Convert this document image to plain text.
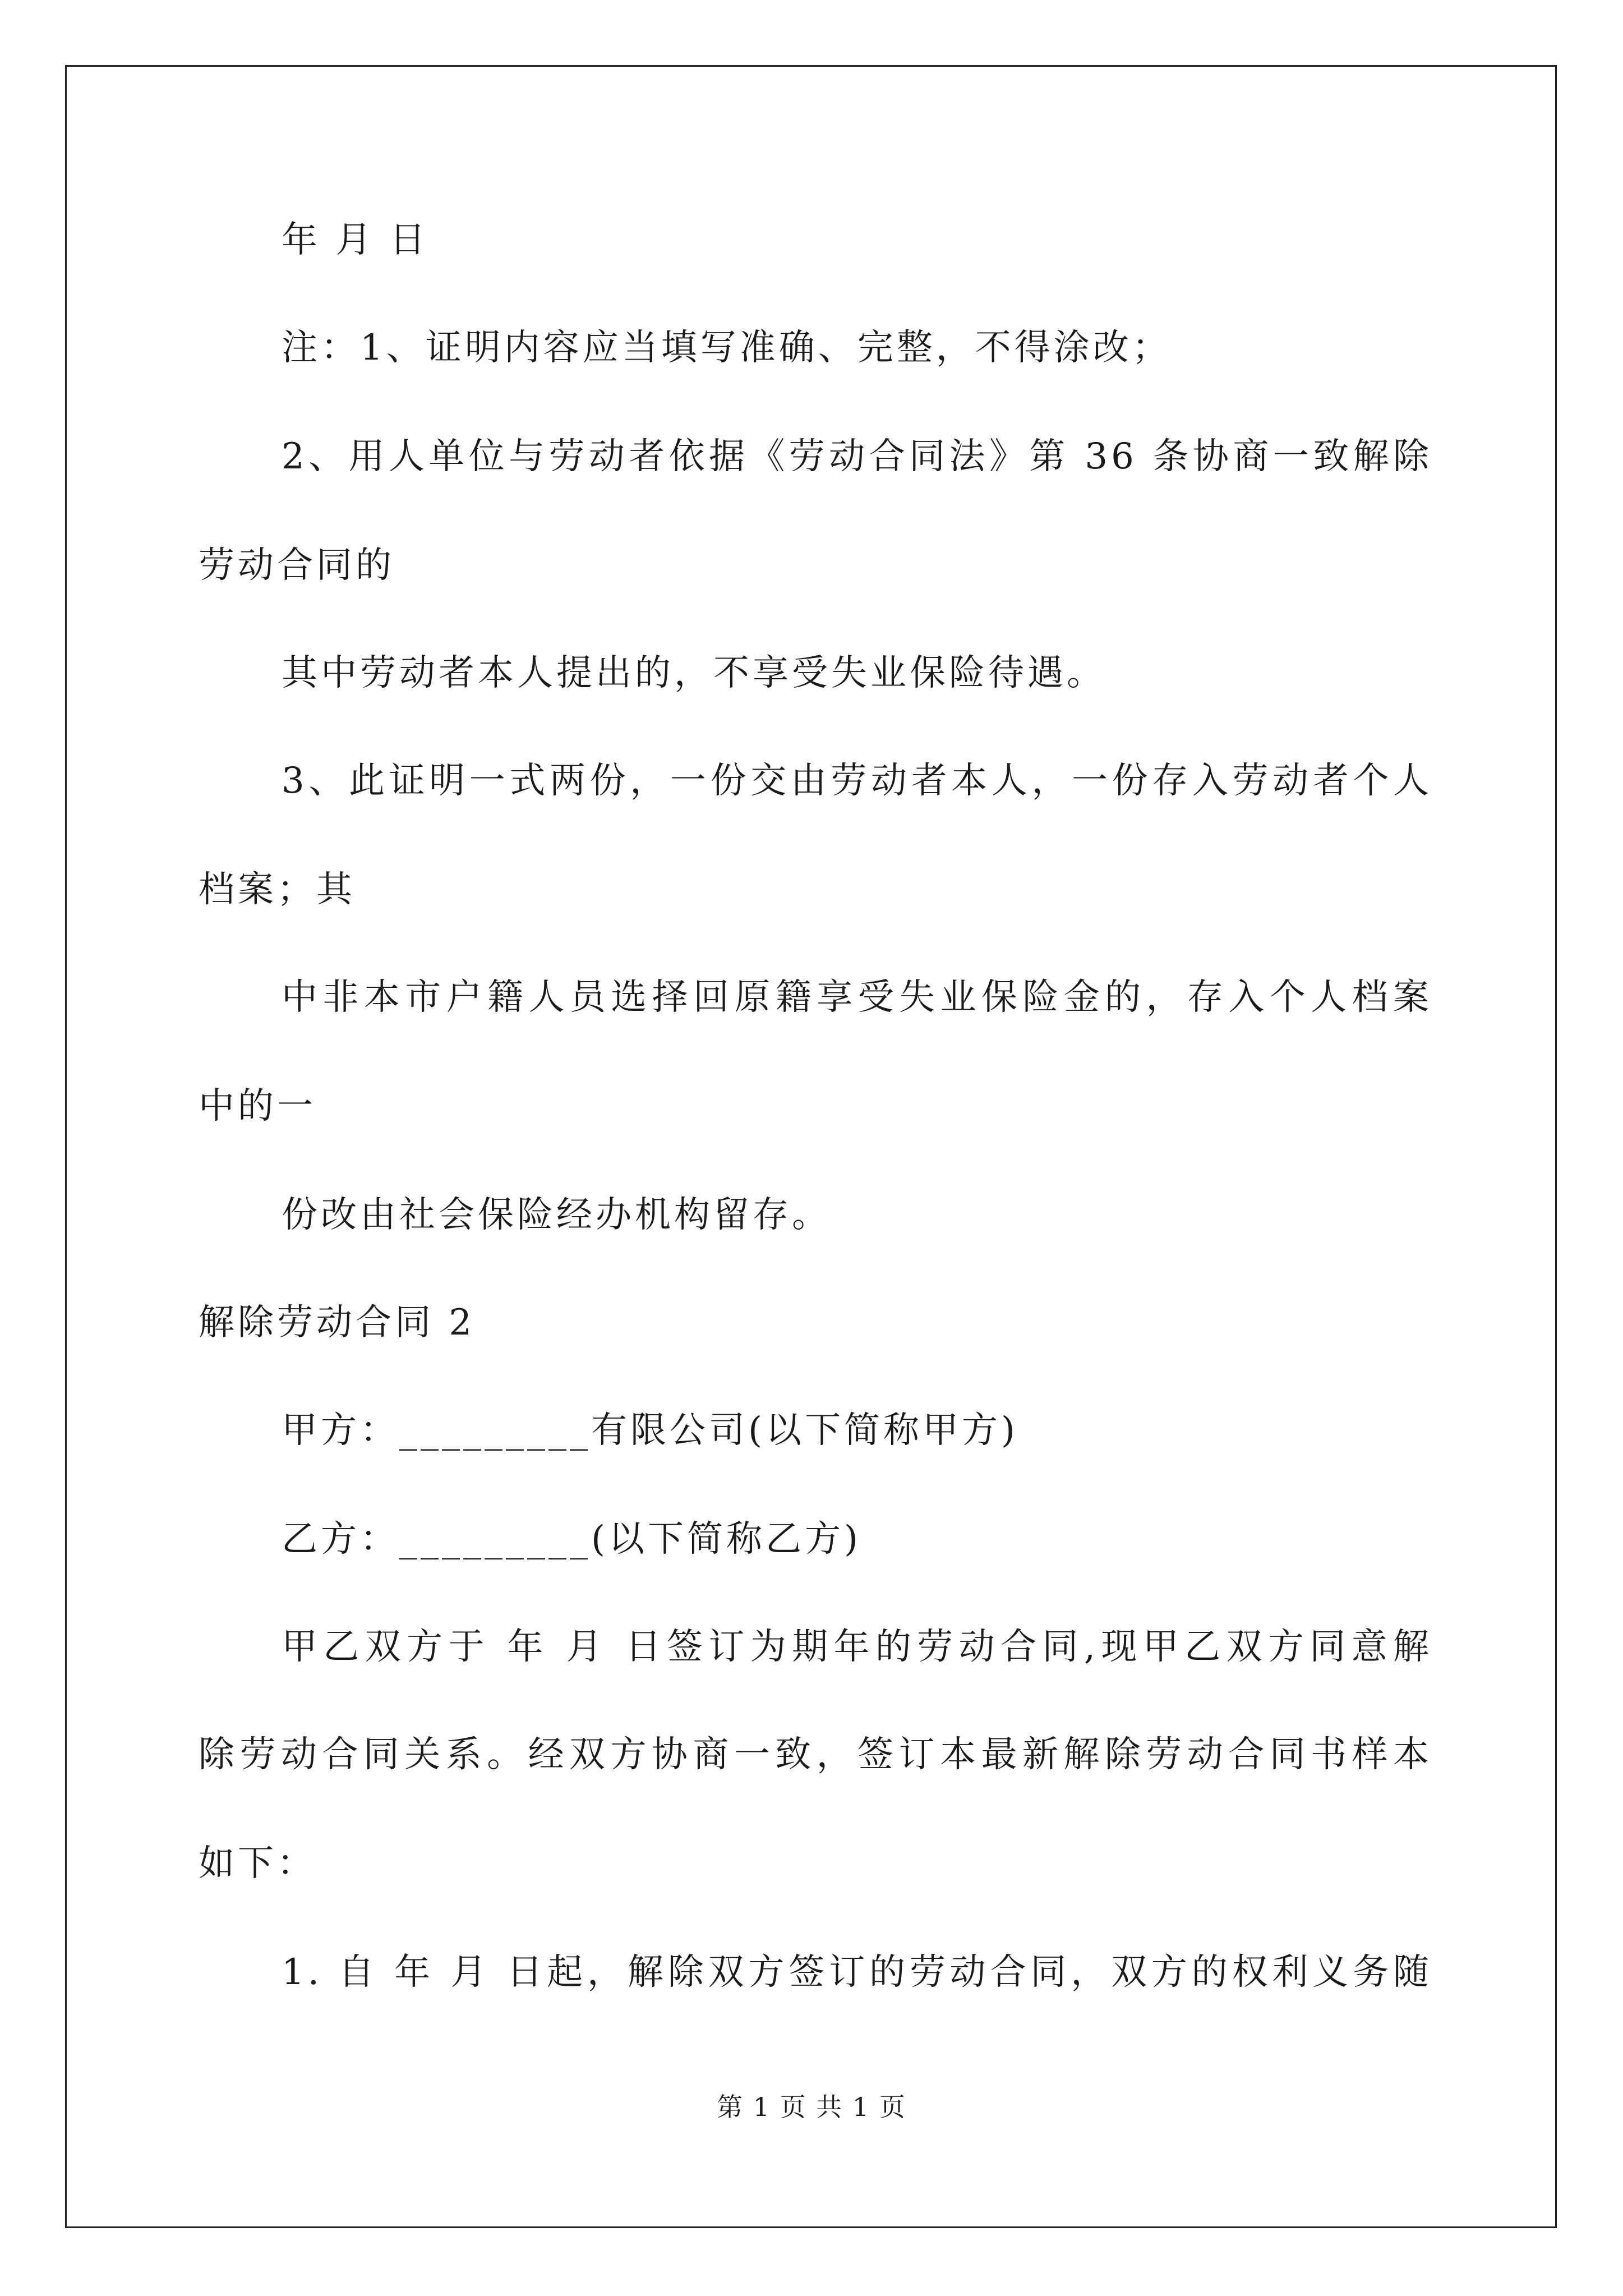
年 月 日
注：1、证明内容应当填写准确、完整，不得涂改；
2、用人单位与劳动者依据《劳动合同法》第 36 条协商一致解除
劳动合同的
其中劳动者本人提出的，不享受失业保险待遇。
3、此证明一式两份，一份交由劳动者本人，一份存入劳动者个人
档案；其
中非本市户籍人员选择回原籍享受失业保险金的，存入个人档案
中的一
份改由社会保险经办机构留存。
解除劳动合同 2
甲方：_________有限公司(以下简称甲方)
乙方：_________(以下简称乙方)
甲乙双方于 年 月 日签订为期年的劳动合同,现甲乙双方同意解
除劳动合同关系。经双方协商一致，签订本最新解除劳动合同书样本
如下：
1. 自 年 月 日起，解除双方签订的劳动合同，双方的权利义务随
第 1 页 共 1 页
